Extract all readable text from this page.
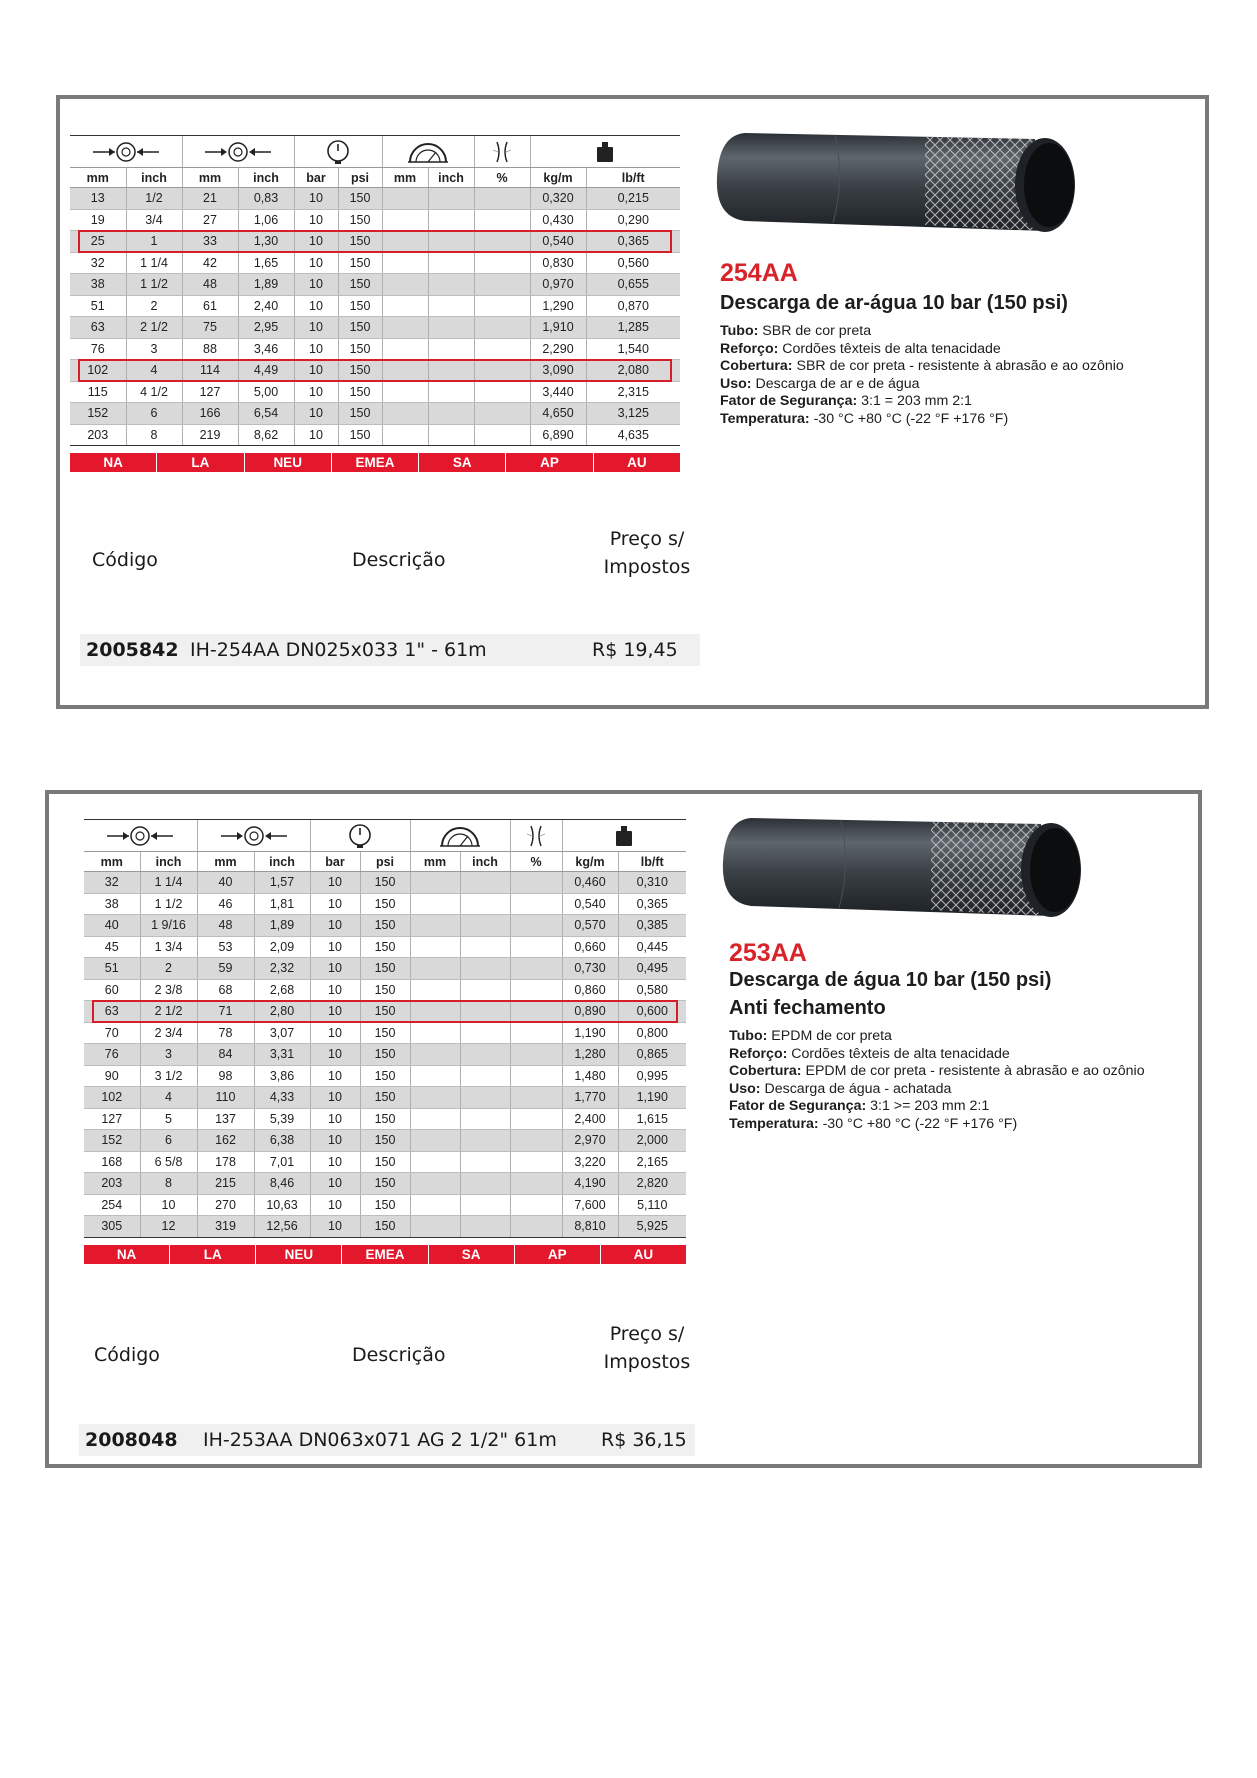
mm	inch	mm	inch	bar	psi	mm	inch	%	kg/m	lb/ft
13	1/2	21	0,83	10	150				0,320	0,215
19	3/4	27	1,06	10	150				0,430	0,290
25	1	33	1,30	10	150				0,540	0,365
32	1 1/4	42	1,65	10	150				0,830	0,560
38	1 1/2	48	1,89	10	150				0,970	0,655
51	2	61	2,40	10	150				1,290	0,870
63	2 1/2	75	2,95	10	150				1,910	1,285
76	3	88	3,46	10	150				2,290	1,540
102	4	114	4,49	10	150				3,090	2,080
115	4 1/2	127	5,00	10	150				3,440	2,315
152	6	166	6,54	10	150				4,650	3,125
203	8	219	8,62	10	150				6,890	4,635
NA	LA	NEU	EMEA	SA	AP	AU
Código	Descrição
Preço s/
Impostos
2005842 IH-254AA DN025x033 1" - 61m	R$ 19,45
254AA
Descarga de ar-água 10 bar (150 psi)
Tubo: SBR de cor preta
Reforço: Cordões têxteis de alta tenacidade
Cobertura: SBR de cor preta - resistente à abrasão e ao ozônio
Uso: Descarga de ar e de água
Fator de Segurança: 3:1 = 203 mm 2:1
Temperatura: -30 °C +80 °C (-22 °F +176 °F)

mm	inch	mm	inch	bar	psi	mm	inch	%	kg/m	lb/ft
32	1 1/4	40	1,57	10	150				0,460	0,310
38	1 1/2	46	1,81	10	150				0,540	0,365
40	1 9/16	48	1,89	10	150				0,570	0,385
45	1 3/4	53	2,09	10	150				0,660	0,445
51	2	59	2,32	10	150				0,730	0,495
60	2 3/8	68	2,68	10	150				0,860	0,580
63	2 1/2	71	2,80	10	150				0,890	0,600
70	2 3/4	78	3,07	10	150				1,190	0,800
76	3	84	3,31	10	150				1,280	0,865
90	3 1/2	98	3,86	10	150				1,480	0,995
102	4	110	4,33	10	150				1,770	1,190
127	5	137	5,39	10	150				2,400	1,615
152	6	162	6,38	10	150				2,970	2,000
168	6 5/8	178	7,01	10	150				3,220	2,165
203	8	215	8,46	10	150				4,190	2,820
254	10	270	10,63	10	150				7,600	5,110
305	12	319	12,56	10	150				8,810	5,925
NA	LA	NEU	EMEA	SA	AP	AU
Código	Descrição
Preço s/
Impostos
2008048 IH-253AA DN063x071 AG 2 1/2" 61m R$ 36,15
253AA
Descarga de água 10 bar (150 psi)
Anti fechamento
Tubo: EPDM de cor preta
Reforço: Cordões têxteis de alta tenacidade
Cobertura: EPDM de cor preta - resistente à abrasão e ao ozônio
Uso: Descarga de água - achatada
Fator de Segurança: 3:1 >= 203 mm 2:1
Temperatura: -30 °C +80 °C (-22 °F +176 °F)
